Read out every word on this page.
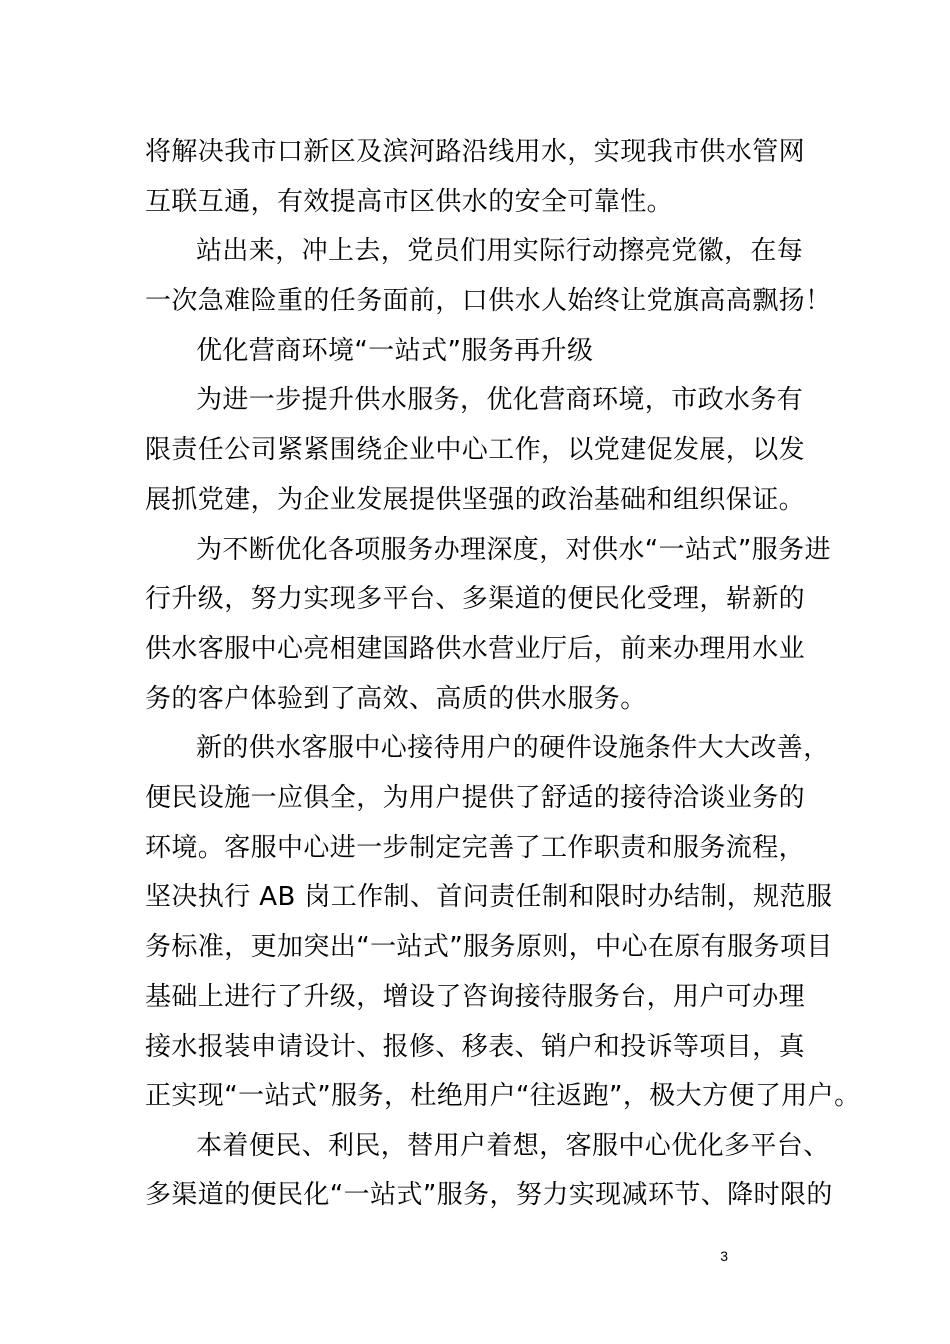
将解决我市口新区及滨河路沿线用水，实现我市供水管网
互联互通，有效提高市区供水的安全可靠性。
站出来，冲上去，党员们用实际行动擦亮党徽，在每
一次急难险重的任务面前，口供水人始终让党旗高高飘扬！
优化营商环境“一站式”服务再升级
为进一步提升供水服务，优化营商环境，市政水务有
限责任公司紧紧围绕企业中心工作，以党建促发展，以发
展抓党建，为企业发展提供坚强的政治基础和组织保证。
为不断优化各项服务办理深度，对供水“一站式”服务进
行升级，努力实现多平台、多渠道的便民化受理，崭新的
供水客服中心亮相建国路供水营业厅后，前来办理用水业
务的客户体验到了高效、高质的供水服务。
新的供水客服中心接待用户的硬件设施条件大大改善，
便民设施一应俱全，为用户提供了舒适的接待洽谈业务的
环境。客服中心进一步制定完善了工作职责和服务流程，
坚决执行 AB 岗工作制、首问责任制和限时办结制，规范服
务标准，更加突出“一站式”服务原则，中心在原有服务项目
基础上进行了升级，增设了咨询接待服务台，用户可办理
接水报装申请设计、报修、移表、销户和投诉等项目，真
正实现“一站式”服务，杜绝用户“往返跑”，极大方便了用户。
本着便民、利民，替用户着想，客服中心优化多平台、
多渠道的便民化“一站式”服务，努力实现减环节、降时限的
3
